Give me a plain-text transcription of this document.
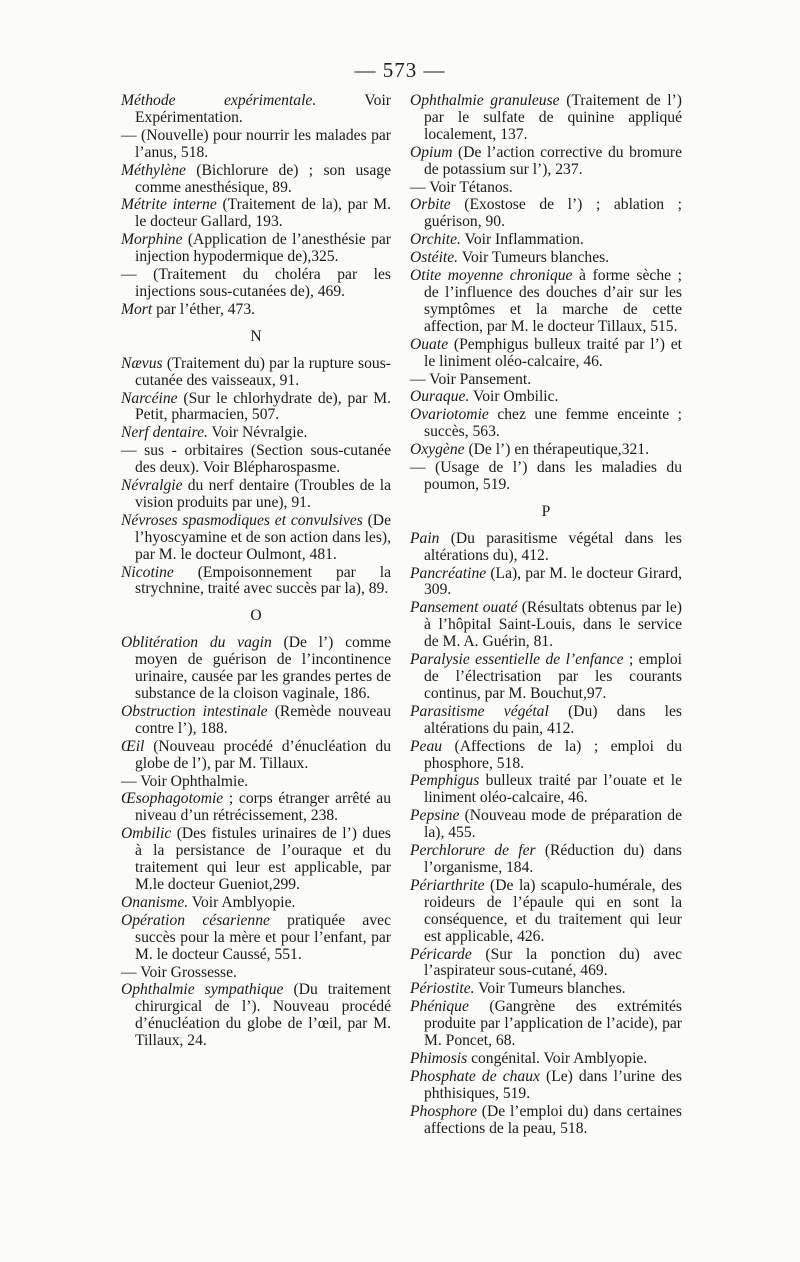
— 573 —
Méthode expérimentale. Voir Expérimentation.
— (Nouvelle) pour nourrir les malades par l’anus, 518.
Méthylène (Bichlorure de) ; son usage comme anesthésique, 89.
Métrite interne (Traitement de la), par M. le docteur Gallard, 193.
Morphine (Application de l’anesthésie par injection hypodermique de),325.
— (Traitement du choléra par les injections sous-cutanées de), 469.
Mort par l’éther, 473.
N
Nævus (Traitement du) par la rupture sous-cutanée des vaisseaux, 91.
Narcéine (Sur le chlorhydrate de), par M. Petit, pharmacien, 507.
Nerf dentaire. Voir Névralgie.
— sus - orbitaires (Section sous-cutanée des deux). Voir Blépharospasme.
Névralgie du nerf dentaire (Troubles de la vision produits par une), 91.
Névroses spasmodiques et convulsives (De l’hyoscyamine et de son action dans les), par M. le docteur Oulmont, 481.
Nicotine (Empoisonnement par la strychnine, traité avec succès par la), 89.
O
Oblitération du vagin (De l’) comme moyen de guérison de l’incontinence urinaire, causée par les grandes pertes de substance de la cloison vaginale, 186.
Obstruction intestinale (Remède nouveau contre l’), 188.
Œil (Nouveau procédé d’énucléation du globe de l’), par M. Tillaux.
— Voir Ophthalmie.
Œsophagotomie ; corps étranger arrêté au niveau d’un rétrécissement, 238.
Ombilic (Des fistules urinaires de l’) dues à la persistance de l’ouraque et du traitement qui leur est applicable, par M.le docteur Gueniot,299.
Onanisme. Voir Amblyopie.
Opération césarienne pratiquée avec succès pour la mère et pour l’enfant, par M. le docteur Caussé, 551.
— Voir Grossesse.
Ophthalmie sympathique (Du traitement chirurgical de l’). Nouveau procédé d’énucléation du globe de l’œil, par M. Tillaux, 24.
Ophthalmie granuleuse (Traitement de l’) par le sulfate de quinine appliqué localement, 137.
Opium (De l’action corrective du bromure de potassium sur l’), 237.
— Voir Tétanos.
Orbite (Exostose de l’) ; ablation ; guérison, 90.
Orchite. Voir Inflammation.
Ostéite. Voir Tumeurs blanches.
Otite moyenne chronique à forme sèche ; de l’influence des douches d’air sur les symptômes et la marche de cette affection, par M. le docteur Tillaux, 515.
Ouate (Pemphigus bulleux traité par l’) et le liniment oléo-calcaire, 46.
— Voir Pansement.
Ouraque. Voir Ombilic.
Ovariotomie chez une femme enceinte ; succès, 563.
Oxygène (De l’) en thérapeutique,321.
— (Usage de l’) dans les maladies du poumon, 519.
P
Pain (Du parasitisme végétal dans les altérations du), 412.
Pancréatine (La), par M. le docteur Girard, 309.
Pansement ouaté (Résultats obtenus par le) à l’hôpital Saint-Louis, dans le service de M. A. Guérin, 81.
Paralysie essentielle de l’enfance ; emploi de l’électrisation par les courants continus, par M. Bouchut,97.
Parasitisme végétal (Du) dans les altérations du pain, 412.
Peau (Affections de la) ; emploi du phosphore, 518.
Pemphigus bulleux traité par l’ouate et le liniment oléo-calcaire, 46.
Pepsine (Nouveau mode de préparation de la), 455.
Perchlorure de fer (Réduction du) dans l’organisme, 184.
Périarthrite (De la) scapulo-humérale, des roideurs de l’épaule qui en sont la conséquence, et du traitement qui leur est applicable, 426.
Péricarde (Sur la ponction du) avec l’aspirateur sous-cutané, 469.
Périostite. Voir Tumeurs blanches.
Phénique (Gangrène des extrémités produite par l’application de l’acide), par M. Poncet, 68.
Phimosis congénital. Voir Amblyopie.
Phosphate de chaux (Le) dans l’urine des phthisiques, 519.
Phosphore (De l’emploi du) dans certaines affections de la peau, 518.
